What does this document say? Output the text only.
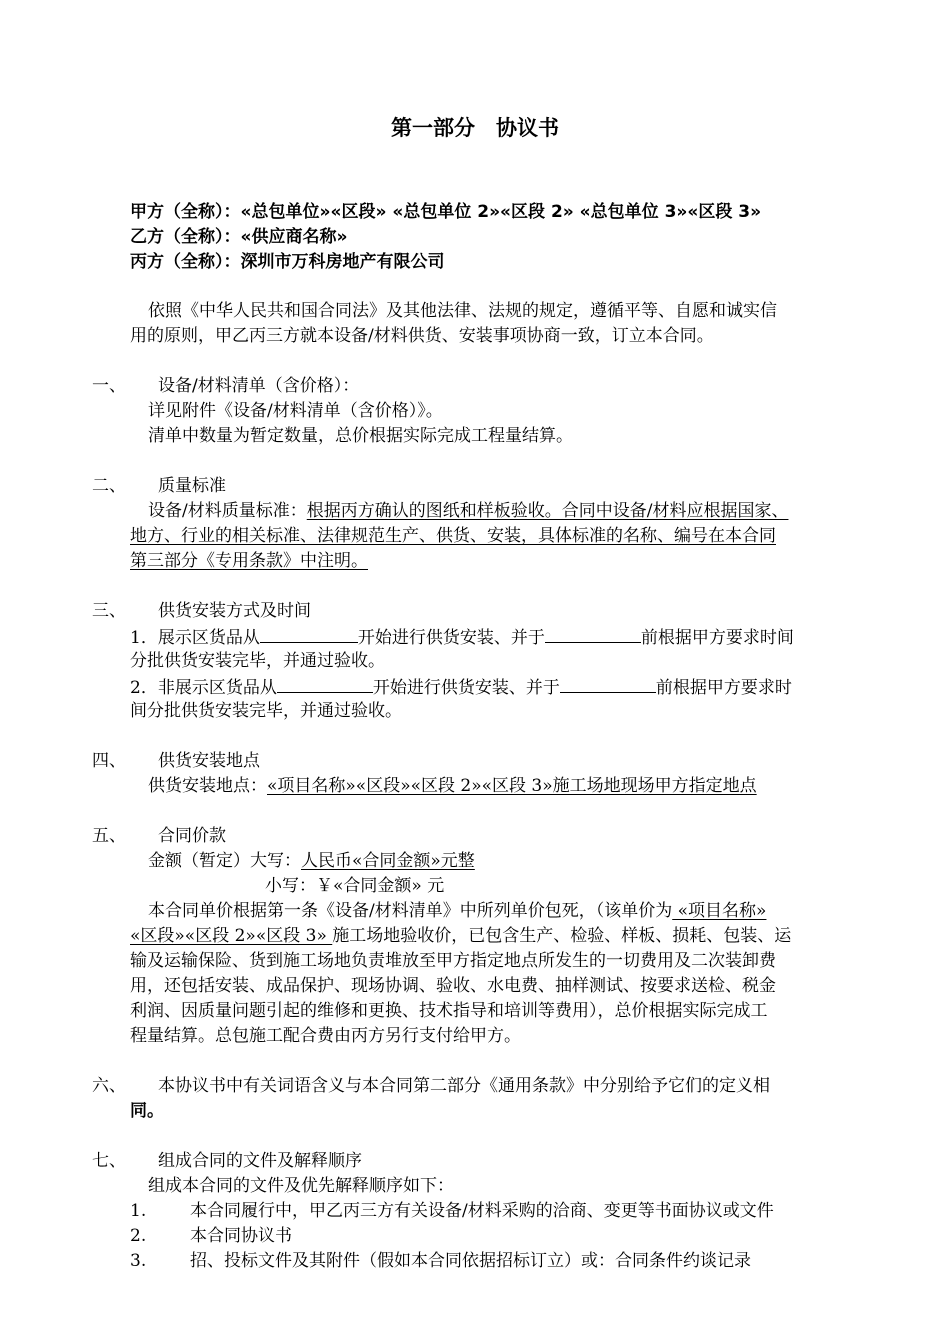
第一部分　协议书
甲方（全称）：«总包单位»«区段» «总包单位 2»«区段 2» «总包单位 3»«区段 3»
乙方（全称）：«供应商名称»
丙方（全称）：深圳市万科房地产有限公司
依照《中华人民共和国合同法》及其他法律、法规的规定，遵循平等、自愿和诚实信
用的原则，甲乙丙三方就本设备/材料供货、安装事项协商一致，订立本合同。
一、 设备/材料清单（含价格）：
详见附件《设备/材料清单（含价格）》。
清单中数量为暂定数量，总价根据实际完成工程量结算。
二、 质量标准
设备/材料质量标准：根据丙方确认的图纸和样板验收。合同中设备/材料应根据国家、
地方、行业的相关标准、法律规范生产、供货、安装，具体标准的名称、编号在本合同
第三部分《专用条款》中注明。
三、 供货安装方式及时间
1．展示区货品从	开始进行供货安装、并于	前根据甲方要求时间
分批供货安装完毕，并通过验收。
2．非展示区货品从	开始进行供货安装、并于	前根据甲方要求时
间分批供货安装完毕，并通过验收。
四、 供货安装地点
供货安装地点：«项目名称»«区段»«区段 2»«区段 3»施工场地现场甲方指定地点
五、 合同价款
金额（暂定）大写：人民币«合同金额»元整
小写：￥«合同金额» 元
本合同单价根据第一条《设备/材料清单》中所列单价包死，（该单价为 «项目名称»
«区段»«区段 2»«区段 3» 施工场地验收价，已包含生产、检验、样板、损耗、包装、运
输及运输保险、货到施工场地负责堆放至甲方指定地点所发生的一切费用及二次装卸费
用，还包括安装、成品保护、现场协调、验收、水电费、抽样测试、按要求送检、税金
利润、因质量问题引起的维修和更换、技术指导和培训等费用），总价根据实际完成工
程量结算。总包施工配合费由丙方另行支付给甲方。
六、 本协议书中有关词语含义与本合同第二部分《通用条款》中分别给予它们的定义相
同。
七、 组成合同的文件及解释顺序
组成本合同的文件及优先解释顺序如下：
1.	本合同履行中，甲乙丙三方有关设备/材料采购的洽商、变更等书面协议或文件
2.	本合同协议书
3.	招、投标文件及其附件（假如本合同依据招标订立）或：合同条件约谈记录
